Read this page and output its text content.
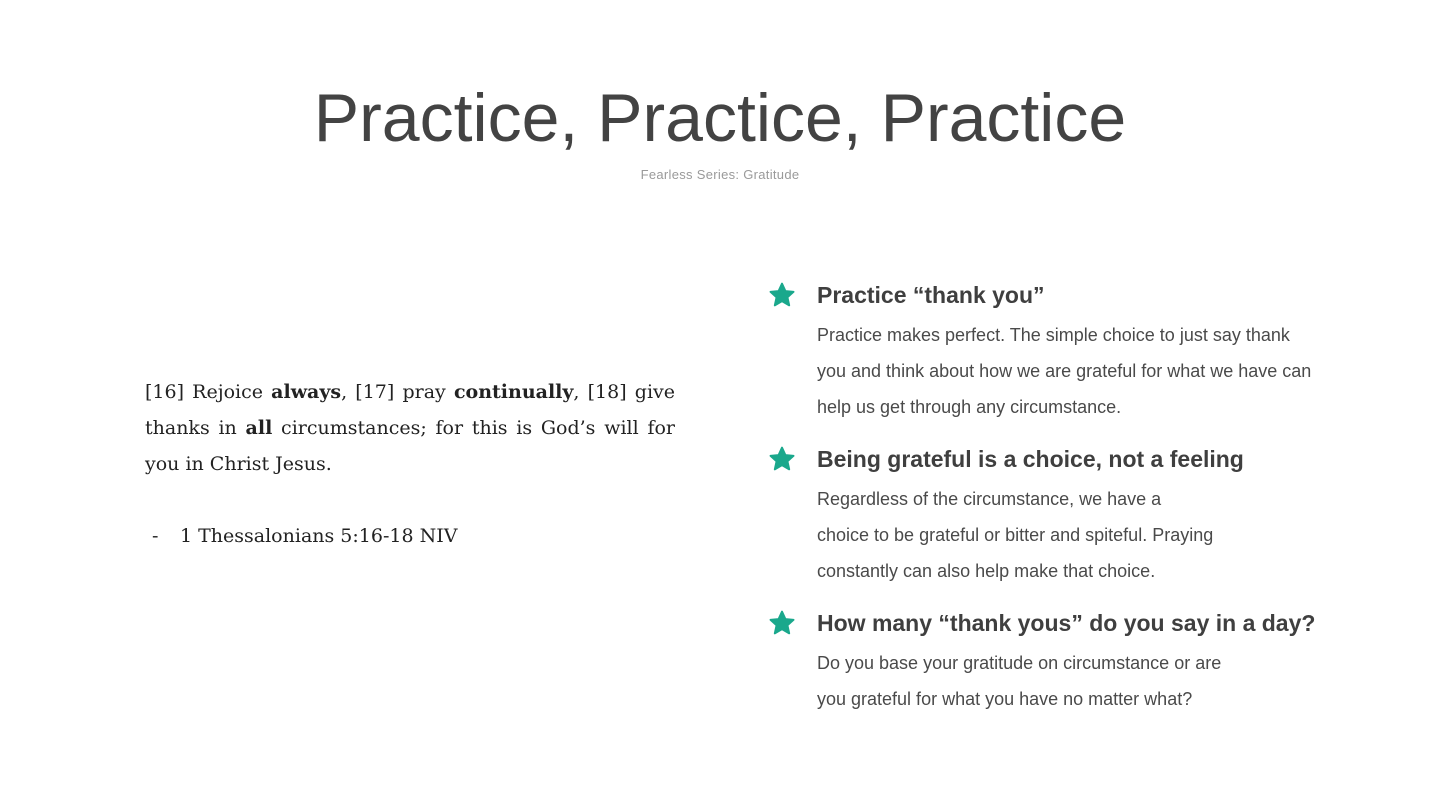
Practice, Practice, Practice
Fearless Series: Gratitude
[16] Rejoice always, [17] pray continually, [18] give thanks in all circumstances; for this is God’s will for you in Christ Jesus.
- 1 Thessalonians 5:16-18 NIV
Practice “thank you”
Practice makes perfect. The simple choice to just say thank you and think about how we are grateful for what we have can help us get through any circumstance.
Being grateful is a choice, not a feeling
Regardless of the circumstance, we have a choice to be grateful or bitter and spiteful. Praying constantly can also help make that choice.
How many “thank yous” do you say in a day?
Do you base your gratitude on circumstance or are you grateful for what you have no matter what?
